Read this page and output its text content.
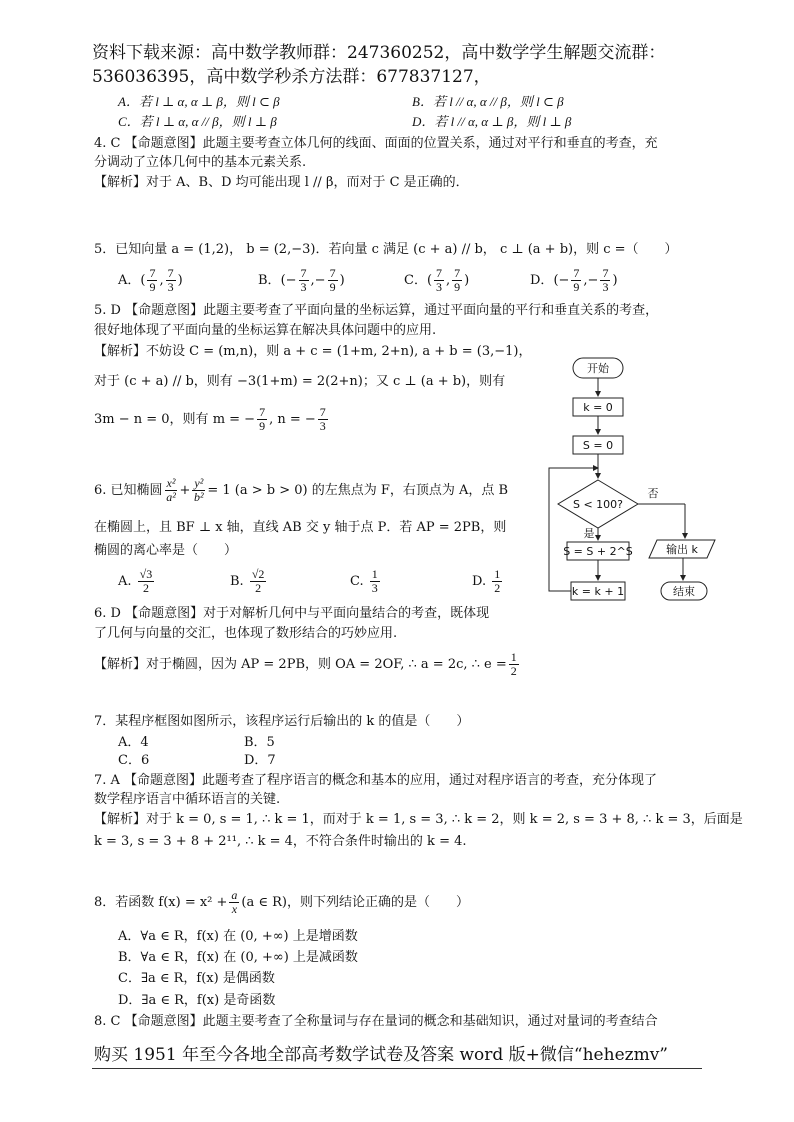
资料下载来源：高中数学教师群：247360252，高中数学学生解题交流群：
536036395，高中数学秒杀方法群：677837127，
A．若 l ⊥ α, α ⊥ β，则 l ⊂ β	B．若 l // α, α // β，则 l ⊂ β
C．若 l ⊥ α, α // β，则 l ⊥ β	D．若 l // α, α ⊥ β，则 l ⊥ β
4. C 【命题意图】此题主要考查立体几何的线面、面面的位置关系，通过对平行和垂直的考查，充
分调动了立体几何中的基本元素关系.
【解析】对于 A、B、D 均可能出现 l // β，而对于 C 是正确的．
5．已知向量 a = (1,2)， b = (2,−3)．若向量 c 满足 (c + a) // b， c ⊥ (a + b)，则 c =（　　）
A．( $\frac{7}{9}$ , $\frac{7}{3}$ )	B．(− $\frac{7}{3}$ ,− $\frac{7}{9}$ )	C．( $\frac{7}{3}$ , $\frac{7}{9}$ )	D．(− $\frac{7}{9}$ ,− $\frac{7}{3}$ )
5. D 【命题意图】此题主要考查了平面向量的坐标运算，通过平面向量的平行和垂直关系的考查，
很好地体现了平面向量的坐标运算在解决具体问题中的应用.
【解析】不妨设 C = (m,n)，则 a + c = (1+m, 2+n), a + b = (3,−1)，
对于 (c + a) // b，则有 −3(1+m) = 2(2+n)；又 c ⊥ (a + b)，则有
3m − n = 0，则有 m = − $\frac{7}{9}$ , n = − $\frac{7}{3}$
6. 已知椭圆 $\frac{\text{x²}}{\text{a²}} + \frac{\text{y²}}{\text{b²}} = 1$ (a > b > 0) 的左焦点为 F，右顶点为 A，点 B
在椭圆上，且 BF ⊥ x 轴，直线 AB 交 y 轴于点 P．若 AP = 2PB，则
椭圆的离心率是（　　）
A. $\frac{√3}{2}$	B. $\frac{√2}{2}$	C. $\frac{1}{3}$	D. $\frac{1}{2}$
6. D 【命题意图】对于对解析几何中与平面向量结合的考查，既体现
了几何与向量的交汇，也体现了数形结合的巧妙应用.
【解析】对于椭圆，因为 AP = 2PB，则 OA = 2OF, ∴ a = 2c, ∴ $e = \frac{1}{2}$
开始
k = 0
S = 0
S < 100?
否
是
S = S + 2^S
k = k + 1
输出 k
结束
7．某程序框图如图所示，该程序运行后输出的 k 的值是（　　）
A．4	B．5
C．6	D．7
7. A 【命题意图】此题考查了程序语言的概念和基本的应用，通过对程序语言的考查，充分体现了
数学程序语言中循环语言的关键.
【解析】对于 k = 0, s = 1, ∴ k = 1，而对于 k = 1, s = 3, ∴ k = 2，则 k = 2, s = 3 + 8, ∴ k = 3，后面是
k = 3, s = 3 + 8 + 2¹¹, ∴ k = 4，不符合条件时输出的 k = 4.
8．若函数 $f(x) = x^2 + \frac{a}{x} (a$ ∈ R)，则下列结论正确的是（　　）
A．∀a ∈ R，f(x) 在 (0, +∞) 上是增函数
B．∀a ∈ R，f(x) 在 (0, +∞) 上是减函数
C．∃a ∈ R，f(x) 是偶函数
D．∃a ∈ R，f(x) 是奇函数
8. C 【命题意图】此题主要考查了全称量词与存在量词的概念和基础知识，通过对量词的考查结合
购买 1951 年至今各地全部高考数学试卷及答案 word 版+微信“hehezmv”
